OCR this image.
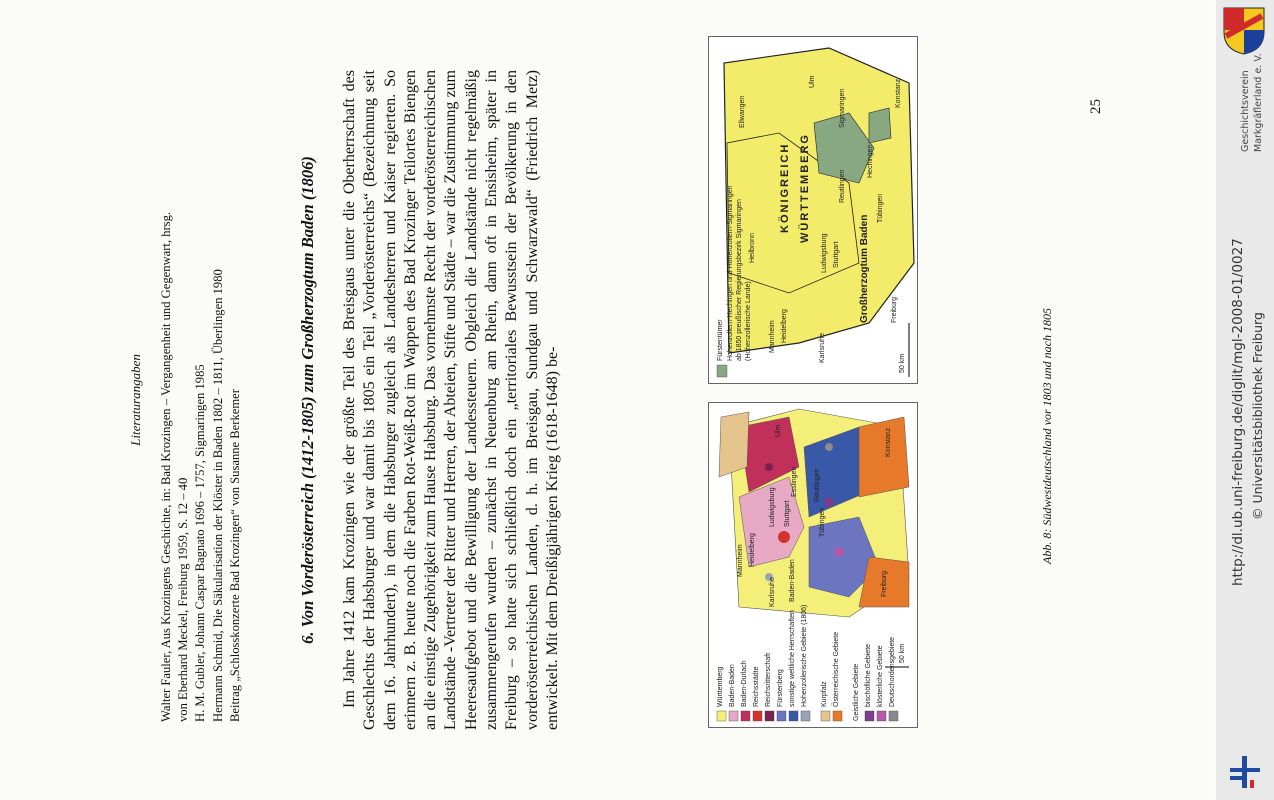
Literaturangaben Walter Fauler, Aus Krozingens Geschichte, in: Bad Krozingen – Vergangenheit und Gegenwart, hrsg. von Eberhard Meckel, Freiburg 1959, S. 12 – 40 H. M. Gubler, Johann Caspar Bagnato 1696 – 1757, Sigmaringen 1985 Hermann Schmid, Die Säkularisation der Klöster in Baden 1802 – 1811, Überlingen 1980 Beitrag „Schlosskonzerte Bad Krozingen“ von Susanne Berkemer	6. Von Vorderösterreich (1412-1805) zum Großherzogtum Baden (1806) Im Jahre 1412 kam Krozingen wie der größte Teil des Breisgaus unter die Oberherrschaft des Geschlechts der Habsburger und war damit bis 1805 ein Teil „Vorderösterreichs“ (Bezeichnung seit dem 16. Jahrhundert), in dem die Habsburger zugleich als Landesherren und Kaiser regierten. So erinnern z. B. heute noch die Farben Rot-Weiß-Rot im Wappen des Bad Krozinger Teilortes Biengen an die einstige Zugehörigkeit zum Hause Habsburg. Das vornehmste Recht der vorderösterreichischen Landstände -Vertreter der Ritter und Herren, der Abteien, Stifte und Städte – war die Zustimmung zum Heeresaufgebot und die Bewilligung der Landessteuern. Obgleich die Landstände nicht regelmäßig zusammengerufen wurden – zunächst in Neuenburg am Rhein, dann oft in Ensisheim, später in Freiburg – so hatte sich schließlich doch ein „territoriales Bewusstsein der Bevölkerung in den vorderösterreichischen Landen, d. h. im Breisgau, Sundgau und Schwarzwald“ (Friedrich Metz) entwickelt. Mit dem Dreißigjährigen Krieg (1618-1648) be-	Württemberg Baden-Baden Baden-Durlach Reichsstädte Reichsritterschaft Fürstenberg sonstige weltliche Herrschaften Hohenzollerische Gebiete (1806) Kurpfalz Österreichische Gebiete Geistliche Gebiete bischöfliche Gebiete klösterliche Gebiete Deutschordensgebiete 50 km
Mannheim Heidelberg
Karlsruhe Baden-Baden
Ludwigsburg Stuttgart
Esslingen
Tübingen
Reutlingen
Freiburg
Konstanz
Ulm
Fürstentümer Hohenzollern-Hechingen und Hohenzollern-Sigmaringen ab 1850 preußischer Regierungsbezirk Sigmaringen (Hohenzollerische Lande)
50 km
KÖNIGREICH WÜRTTEMBERG
Großherzogtum Baden
Mannheim Heidelberg
Karlsruhe
Heilbronn
Ellwangen
Ludwigsburg Stuttgart
Ulm
Tübingen
Reutlingen
Hechingen
Sigmaringen
Freiburg
Konstanz
Abb. 8: Südwestdeutschland vor 1803 und nach 1805
25	Geschichtsverein Markgräflerland e. V.
http://dl.ub.uni-freiburg.de/diglit/mgl-2008-01/0027 © Universitätsbibliothek Freiburg
